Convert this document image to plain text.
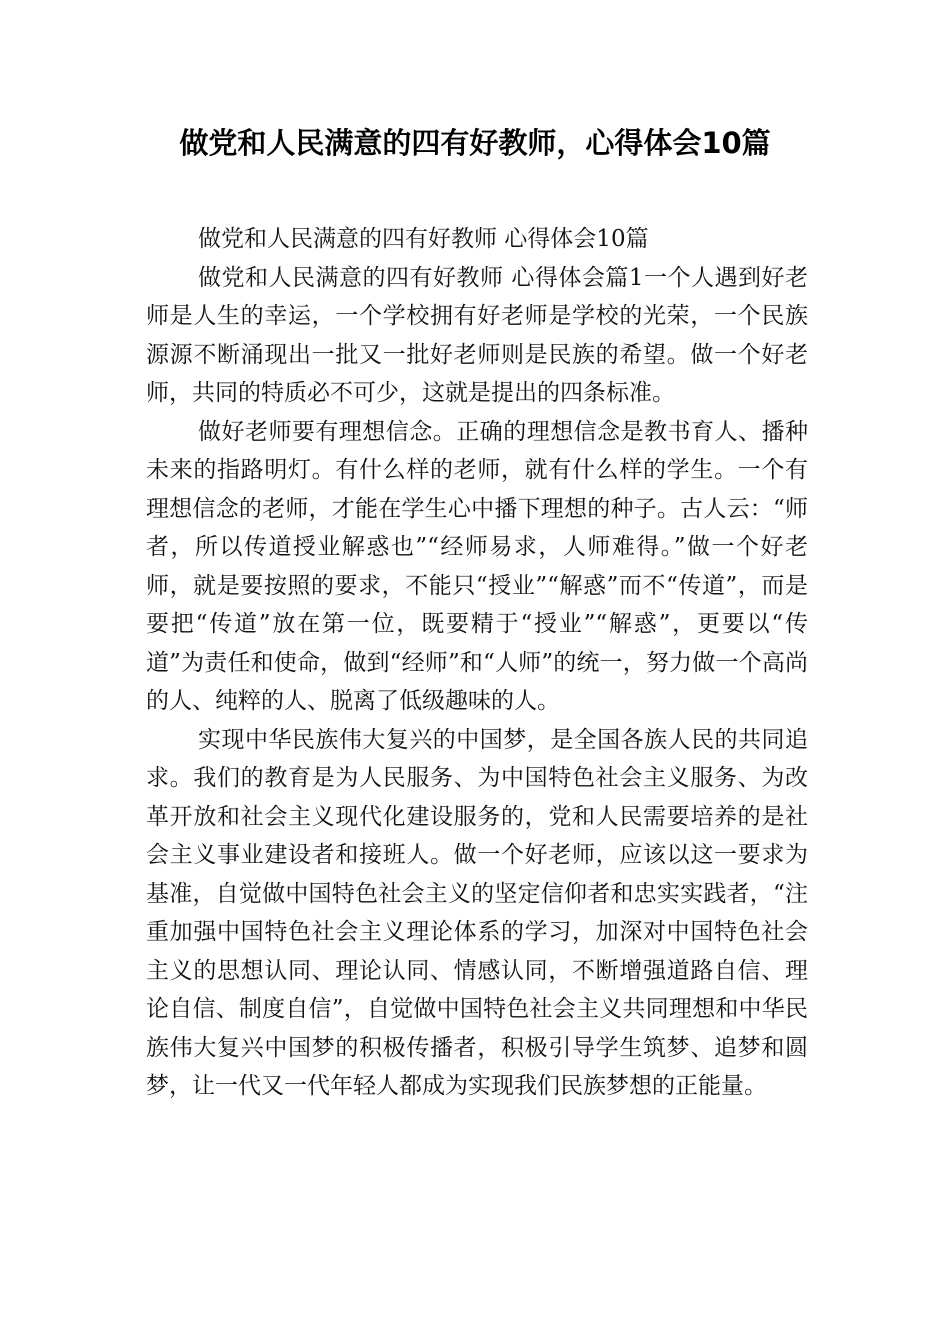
做党和人民满意的四有好教师，心得体会10篇

做党和人民满意的四有好教师 心得体会10篇

做党和人民满意的四有好教师 心得体会篇1一个人遇到好老师是人生的幸运，一个学校拥有好老师是学校的光荣，一个民族源源不断涌现出一批又一批好老师则是民族的希望。做一个好老师，共同的特质必不可少，这就是提出的四条标准。

做好老师要有理想信念。正确的理想信念是教书育人、播种未来的指路明灯。有什么样的老师，就有什么样的学生。一个有理想信念的老师，才能在学生心中播下理想的种子。古人云：“师者，所以传道授业解惑也”“经师易求，人师难得。”做一个好老师，就是要按照的要求，不能只“授业”“解惑”而不“传道”，而是要把“传道”放在第一位，既要精于“授业”“解惑”，更要以“传道”为责任和使命，做到“经师”和“人师”的统一，努力做一个高尚的人、纯粹的人、脱离了低级趣味的人。

实现中华民族伟大复兴的中国梦，是全国各族人民的共同追求。我们的教育是为人民服务、为中国特色社会主义服务、为改革开放和社会主义现代化建设服务的，党和人民需要培养的是社会主义事业建设者和接班人。做一个好老师，应该以这一要求为基准，自觉做中国特色社会主义的坚定信仰者和忠实实践者，“注重加强中国特色社会主义理论体系的学习，加深对中国特色社会主义的思想认同、理论认同、情感认同，不断增强道路自信、理论自信、制度自信”，自觉做中国特色社会主义共同理想和中华民族伟大复兴中国梦的积极传播者，积极引导学生筑梦、追梦和圆梦，让一代又一代年轻人都成为实现我们民族梦想的正能量。
